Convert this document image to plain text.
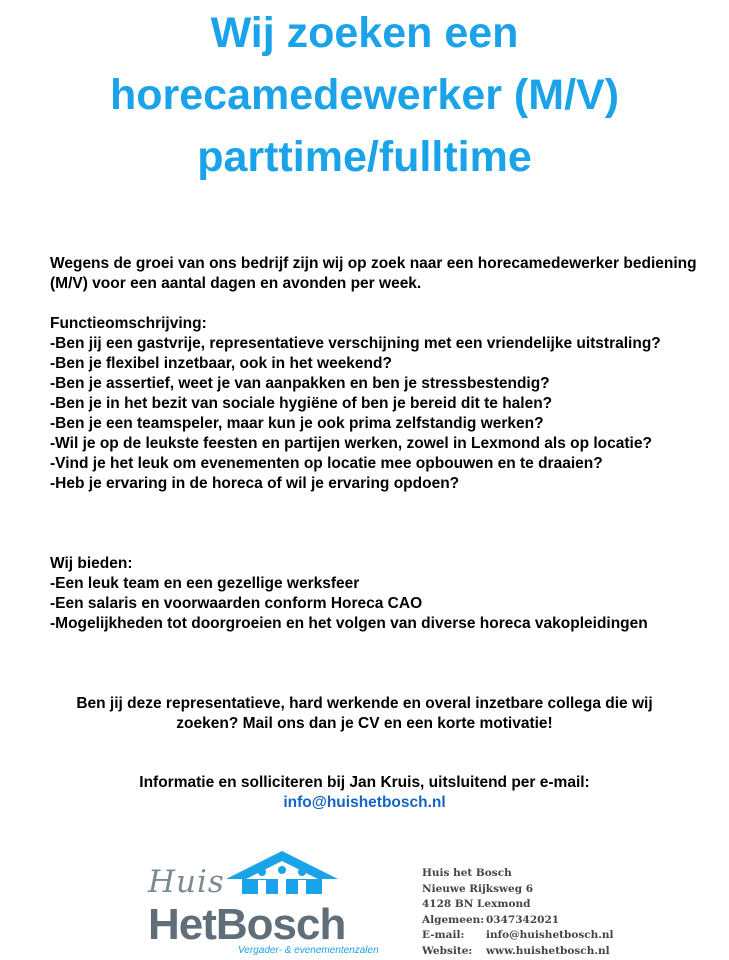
Wij zoeken een
horecamedewerker (M/V)
parttime/fulltime
Wegens de groei van ons bedrijf zijn wij op zoek naar een horecamedewerker bediening (M/V) voor een aantal dagen en avonden per week.
Functieomschrijving:
-Ben jij een gastvrije, representatieve verschijning met een vriendelijke uitstraling?
-Ben je flexibel inzetbaar, ook in het weekend?
-Ben je assertief, weet je van aanpakken en ben je stressbestendig?
-Ben je in het bezit van sociale hygiëne of ben je bereid dit te halen?
-Ben je een teamspeler, maar kun je ook prima zelfstandig werken?
-Wil je op de leukste feesten en partijen werken, zowel in Lexmond als op locatie?
-Vind je het leuk om evenementen op locatie mee opbouwen en te draaien?
-Heb je ervaring in de horeca of wil je ervaring opdoen?
Wij bieden:
-Een leuk team en een gezellige werksfeer
-Een salaris en voorwaarden conform Horeca CAO
-Mogelijkheden tot doorgroeien en het volgen van diverse horeca vakopleidingen
Ben jij deze representatieve, hard werkende en overal inzetbare collega die wij
zoeken? Mail ons dan je CV en een korte motivatie!
Informatie en solliciteren bij Jan Kruis, uitsluitend per e-mail:
info@huishetbosch.nl
Huis
HetBosch
Vergader- & evenementenzalen
Huis het Bosch
Nieuwe Rijksweg 6
4128 BN Lexmond
Algemeen: 0347342021
E-mail: info@huishetbosch.nl
Website: www.huishetbosch.nl
